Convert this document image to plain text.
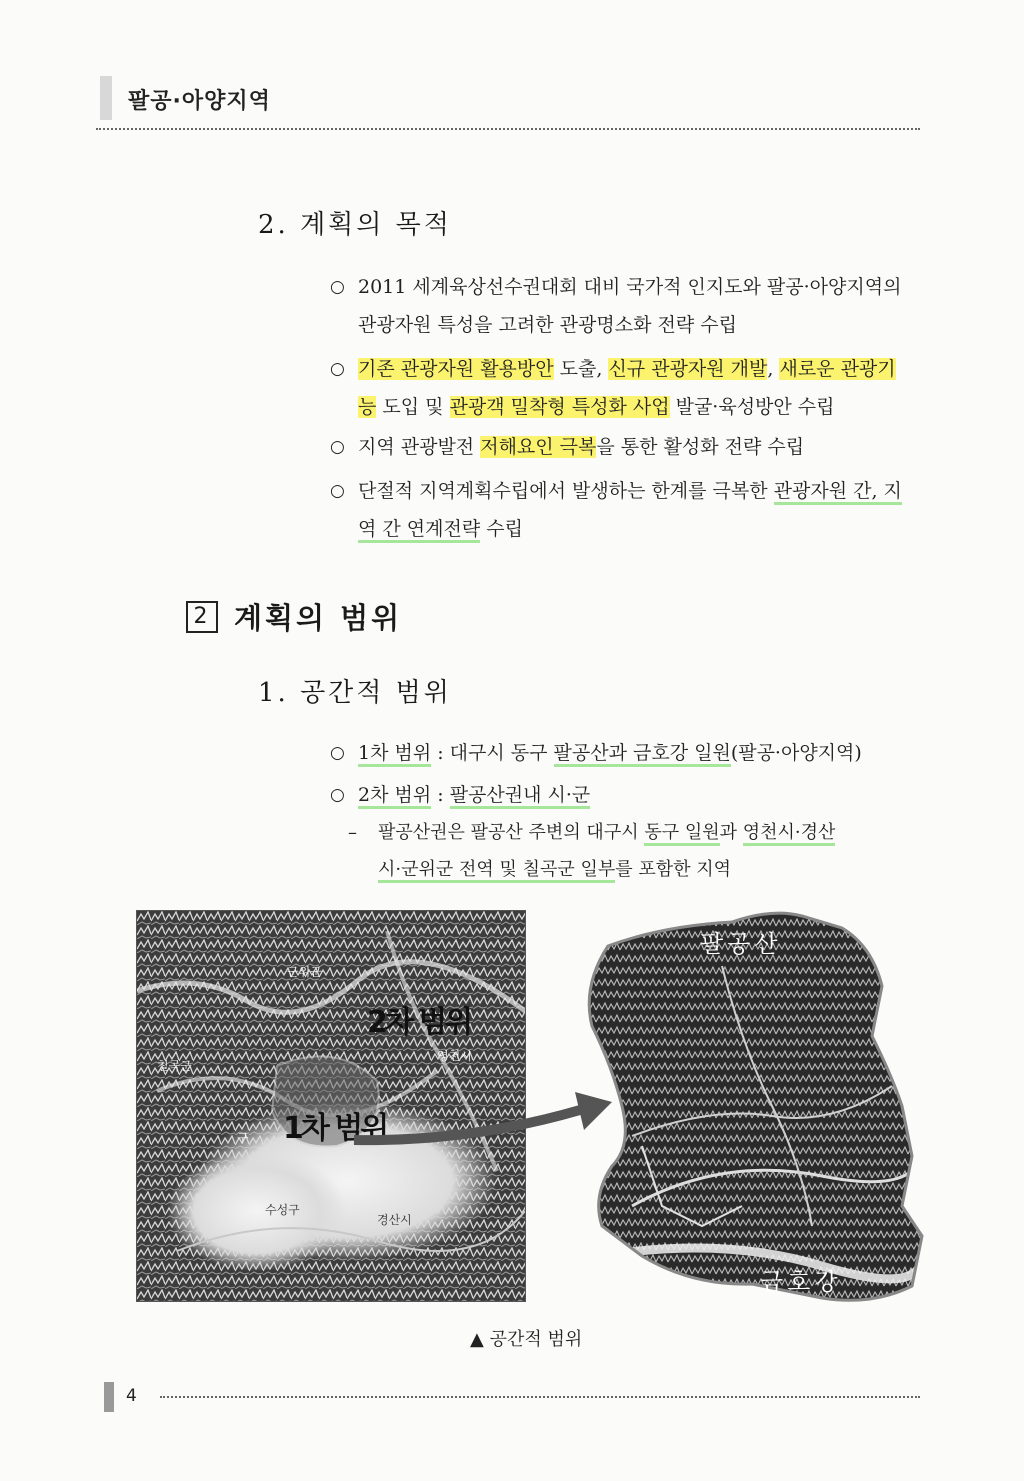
팔공·아양지역
2. 계획의 목적
○ 2011 세계육상선수권대회 대비 국가적 인지도와 팔공·아양지역의
관광자원 특성을 고려한 관광명소화 전략 수립
○ 기존 관광자원 활용방안 도출, 신규 관광자원 개발, 새로운 관광기
능 도입 및 관광객 밀착형 특성화 사업 발굴·육성방안 수립
○ 지역 관광발전 저해요인 극복을 통한 활성화 전략 수립
○ 단절적 지역계획수립에서 발생하는 한계를 극복한 관광자원 간, 지
역 간 연계전략 수립
2 계획의 범위
1. 공간적 범위
○ 1차 범위 : 대구시 동구 팔공산과 금호강 일원(팔공·아양지역)
○ 2차 범위 : 팔공산권내 시·군
–	팔공산권은 팔공산 주변의 대구시 동구 일원과 영천시·경산
시·군위군 전역 및 칠곡군 일부를 포함한 지역
2차 범위
1차 범위
군위군
칠곡군
영천시
구
수성구
경산시
팔공산
금호강
▲ 공간적 범위
4
